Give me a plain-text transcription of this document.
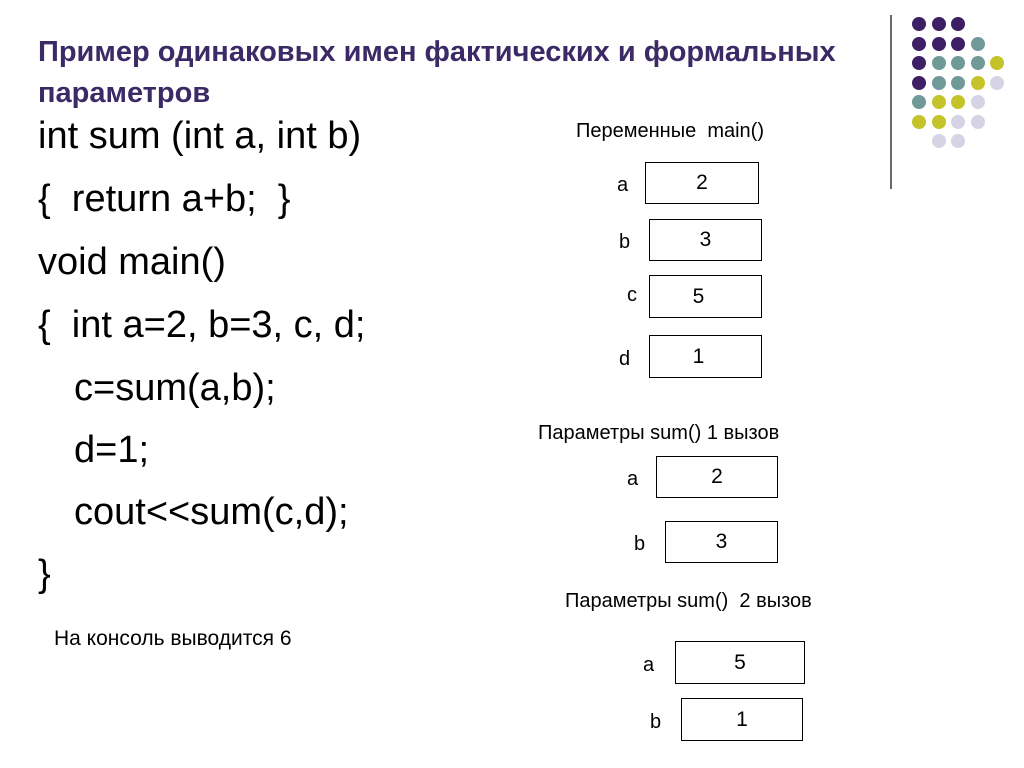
Пример одинаковых имен фактических и формальных параметров
int sum (int a, int b)
{  return a+b;  }
void main()
{  int a=2, b=3, c, d;
c=sum(a,b);
d=1;
cout<<sum(c,d);
}
На консоль выводится 6
Переменные  main()
a	2
b	3
c	5
d	1
Параметры sum() 1 вызов
a	2
b	3
Параметры sum()  2 вызов
a	5
b	1
